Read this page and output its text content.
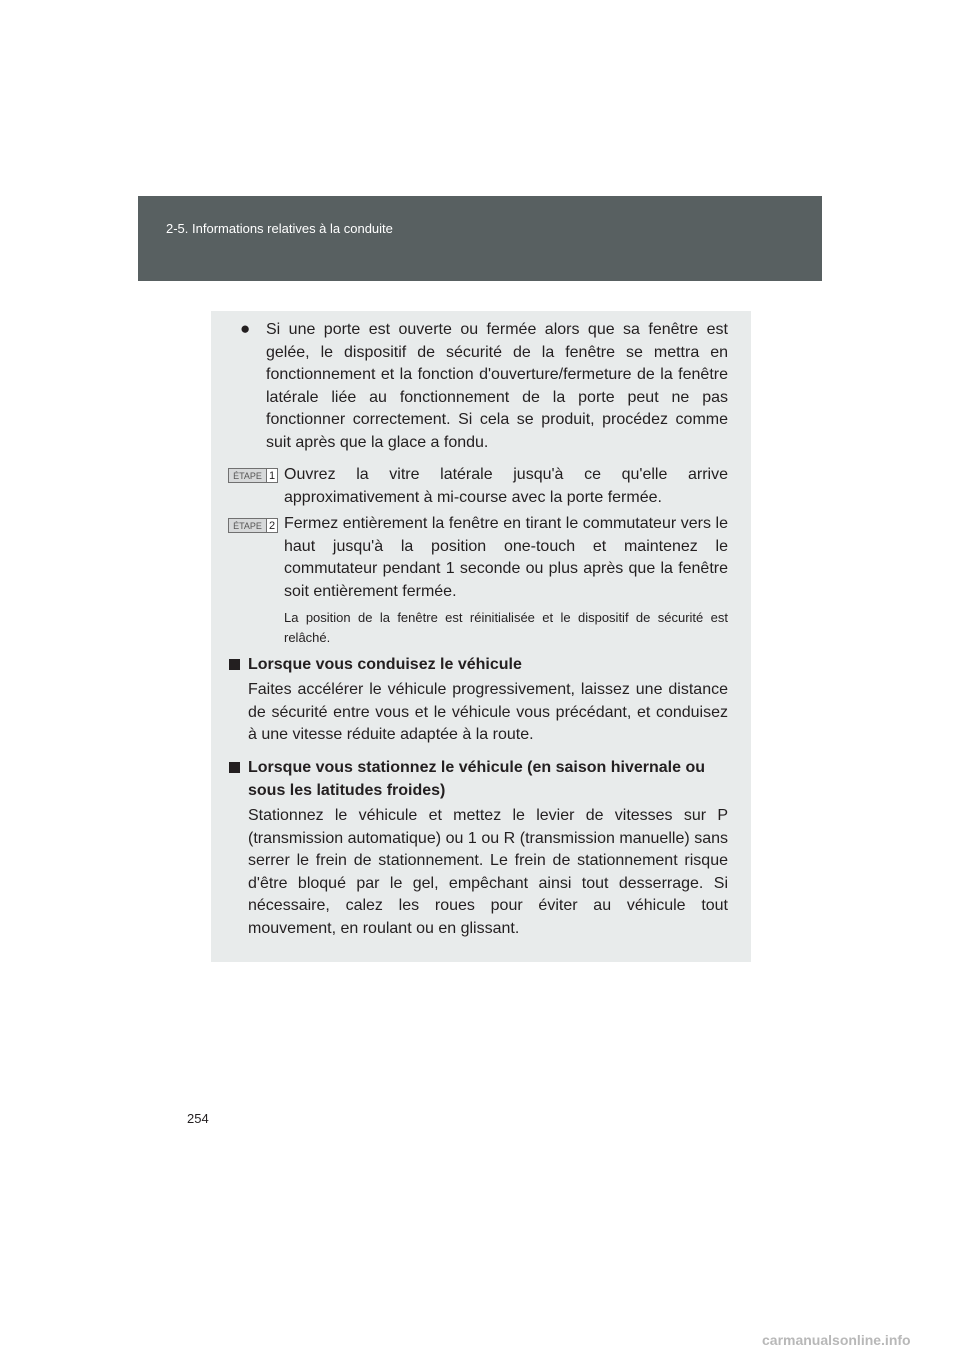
2-5. Informations relatives à la conduite
● Si une porte est ouverte ou fermée alors que sa fenêtre est gelée, le dispositif de sécurité de la fenêtre se mettra en fonctionnement et la fonction d'ouverture/fermeture de la fenêtre latérale liée au fonctionnement de la porte peut ne pas fonctionner correctement. Si cela se produit, procédez comme suit après que la glace a fondu.
ÉTAPE 1 Ouvrez la vitre latérale jusqu'à ce qu'elle arrive approximativement à mi-course avec la porte fermée.
ÉTAPE 2 Fermez entièrement la fenêtre en tirant le commutateur vers le haut jusqu'à la position one-touch et maintenez le commutateur pendant 1 seconde ou plus après que la fenêtre soit entièrement fermée.
La position de la fenêtre est réinitialisée et le dispositif de sécurité est relâché.
Lorsque vous conduisez le véhicule
Faites accélérer le véhicule progressivement, laissez une distance de sécurité entre vous et le véhicule vous précédant, et conduisez à une vitesse réduite adaptée à la route.
Lorsque vous stationnez le véhicule (en saison hivernale ou sous les latitudes froides)
Stationnez le véhicule et mettez le levier de vitesses sur P (transmission automatique) ou 1 ou R (transmission manuelle) sans serrer le frein de stationnement. Le frein de stationnement risque d'être bloqué par le gel, empêchant ainsi tout desserrage. Si nécessaire, calez les roues pour éviter au véhicule tout mouvement, en roulant ou en glissant.
254
carmanualsonline.info
